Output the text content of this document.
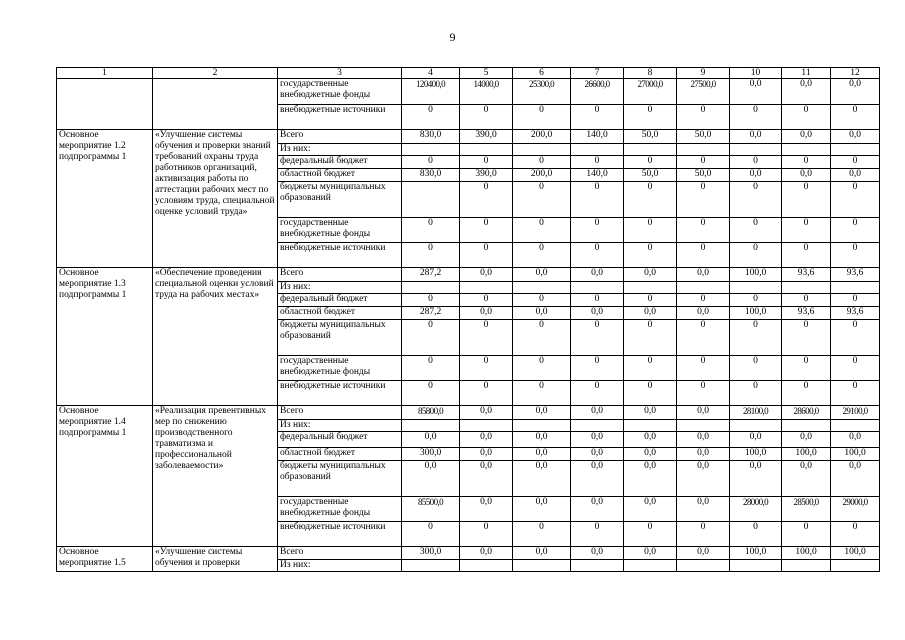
9
1	2	3	4	5	6	7	8	9	10	11	12
		государственные внебюджетные фонды	120400,0	14000,0	25300,0	26600,0	27000,0	27500,0	0,0	0,0	0,0
		внебюджетные источники	0	0	0	0	0	0	0	0	0
Основное мероприятие 1.2 подпрограммы 1	«Улучшение системы обучения и проверки знаний требований охраны труда работников организаций, активизация работы по аттестации рабочих мест по условиям труда, специальной оценке условий труда»	Всего	830,0	390,0	200,0	140,0	50,0	50,0	0,0	0,0	0,0
		Из них:									
		федеральный бюджет	0	0	0	0	0	0	0	0	0
		областной бюджет	830,0	390,0	200,0	140,0	50,0	50,0	0,0	0,0	0,0
		бюджеты муниципальных образований		0	0	0	0	0	0	0	0
		государственные внебюджетные фонды	0	0	0	0	0	0	0	0	0
		внебюджетные источники	0	0	0	0	0	0	0	0	0
Основное мероприятие 1.3 подпрограммы 1	«Обеспечение проведения специальной оценки условий труда на рабочих местах»	Всего	287,2	0,0	0,0	0,0	0,0	0,0	100,0	93,6	93,6
		Из них:									
		федеральный бюджет	0	0	0	0	0	0	0	0	0
		областной бюджет	287,2	0,0	0,0	0,0	0,0	0,0	100,0	93,6	93,6
		бюджеты муниципальных образований	0	0	0	0	0	0	0	0	0
		государственные внебюджетные фонды	0	0	0	0	0	0	0	0	0
		внебюджетные источники	0	0	0	0	0	0	0	0	0
Основное мероприятие 1.4 подпрограммы 1	«Реализация превентивных мер по снижению производственного травматизма и профессиональной заболеваемости»	Всего	85800,0	0,0	0,0	0,0	0,0	0,0	28100,0	28600,0	29100,0
		Из них:									
		федеральный бюджет	0,0	0,0	0,0	0,0	0,0	0,0	0,0	0,0	0,0
		областной бюджет	300,0	0,0	0,0	0,0	0,0	0,0	100,0	100,0	100,0
		бюджеты муниципальных образований	0,0	0,0	0,0	0,0	0,0	0,0	0,0	0,0	0,0
		государственные внебюджетные фонды	85500,0	0,0	0,0	0,0	0,0	0,0	28000,0	28500,0	29000,0
		внебюджетные источники	0	0	0	0	0	0	0	0	0
Основное мероприятие 1.5	«Улучшение системы обучения и проверки	Всего	300,0	0,0	0,0	0,0	0,0	0,0	100,0	100,0	100,0
		Из них:									
